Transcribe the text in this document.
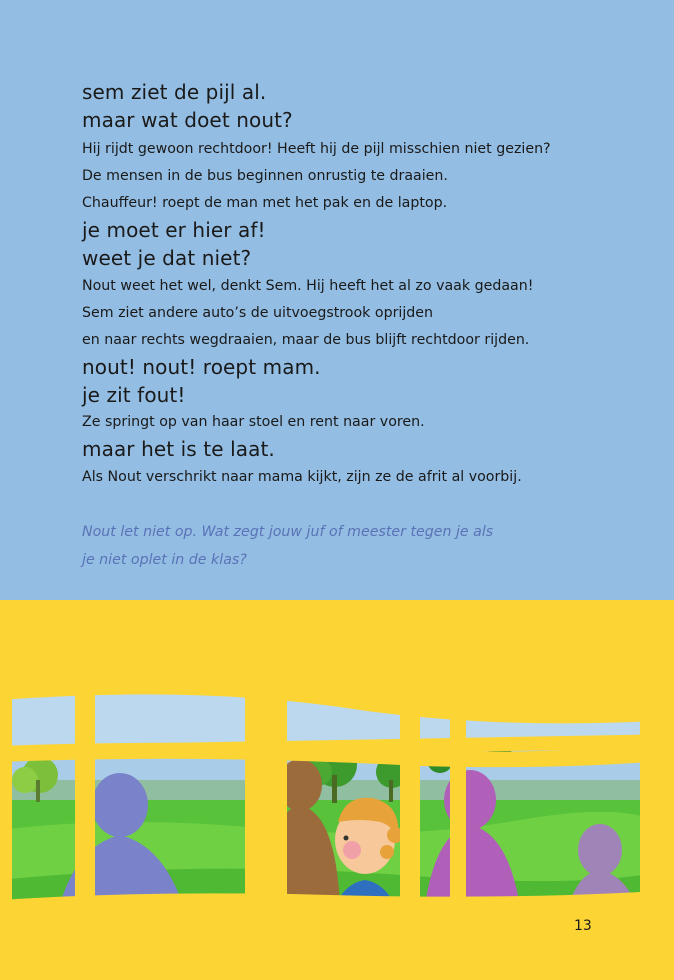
sem ziet de pijl al.
maar wat doet nout?
Hij rijdt gewoon rechtdoor! Heeft hij de pijl misschien niet gezien?
De mensen in de bus beginnen onrustig te draaien.
Chauffeur! roept de man met het pak en de laptop.
je moet er hier af!
weet je dat niet?
Nout weet het wel, denkt Sem. Hij heeft het al zo vaak gedaan!
Sem ziet andere auto’s de uitvoegstrook oprijden
en naar rechts wegdraaien, maar de bus blijft rechtdoor rijden.
nout! nout! roept mam.
je zit fout!
Ze springt op van haar stoel en rent naar voren.
maar het is te laat.
Als Nout verschrikt naar mama kijkt, zijn ze de afrit al voorbij.
Nout let niet op. Wat zegt jouw juf of meester tegen je als
je niet oplet in de klas?
13
